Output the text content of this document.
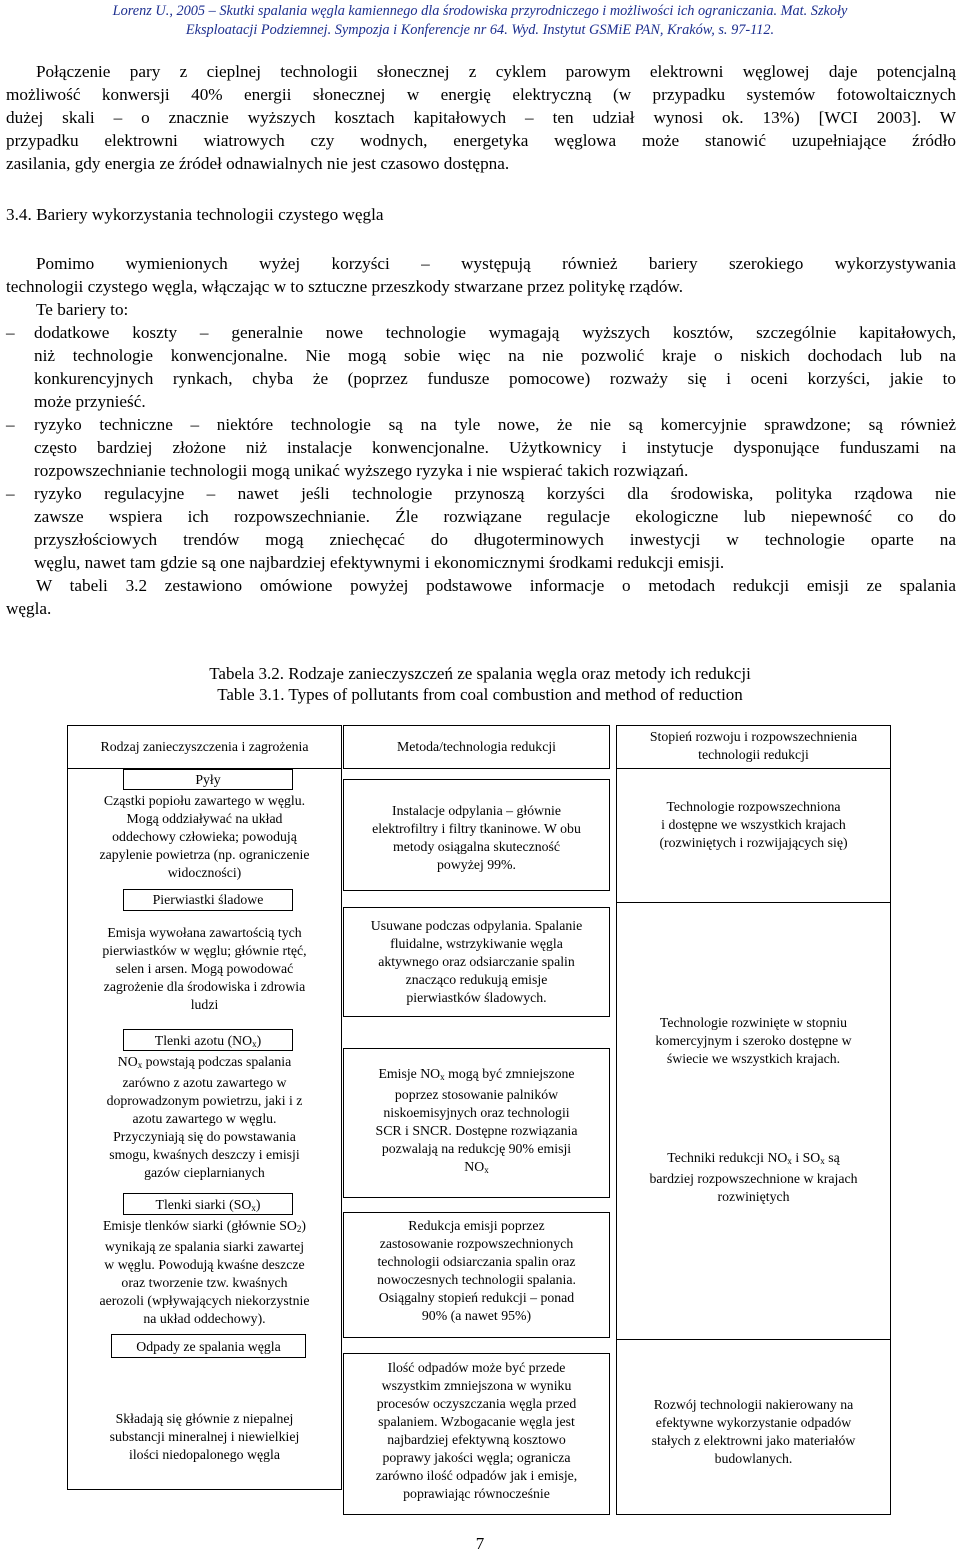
Lorenz U., 2005 – Skutki spalania węgla kamiennego dla środowiska przyrodniczego i możliwości ich ograniczania. Mat. Szkoły
Eksploatacji Podziemnej. Sympozja i Konferencje nr 64. Wyd. Instytut GSMiE PAN, Kraków, s. 97-112.
Połączenie pary z cieplnej technologii słonecznej z cyklem parowym elektrowni węglowej daje potencjalną
możliwość konwersji 40% energii słonecznej w energię elektryczną (w przypadku systemów fotowoltaicznych
dużej skali – o znacznie wyższych kosztach kapitałowych – ten udział wynosi ok. 13%) [WCI 2003]. W
przypadku elektrowni wiatrowych czy wodnych, energetyka węglowa może stanowić uzupełniające źródło
zasilania, gdy energia ze źródeł odnawialnych nie jest czasowo dostępna.
3.4. Bariery wykorzystania technologii czystego węgla
Pomimo wymienionych wyżej korzyści – występują również bariery szerokiego wykorzystywania
technologii czystego węgla, włączając w to sztuczne przeszkody stwarzane przez politykę rządów.
Te bariery to:
– dodatkowe koszty – generalnie nowe technologie wymagają wyższych kosztów, szczególnie kapitałowych,
niż technologie konwencjonalne. Nie mogą sobie więc na nie pozwolić kraje o niskich dochodach lub na
konkurencyjnych rynkach, chyba że (poprzez fundusze pomocowe) rozważy się i oceni korzyści, jakie to
może przynieść.
– ryzyko techniczne – niektóre technologie są na tyle nowe, że nie są komercyjnie sprawdzone; są również
często bardziej złożone niż instalacje konwencjonalne. Użytkownicy i instytucje dysponujące funduszami na
rozpowszechnianie technologii mogą unikać wyższego ryzyka i nie wspierać takich rozwiązań.
– ryzyko regulacyjne – nawet jeśli technologie przynoszą korzyści dla środowiska, polityka rządowa nie
zawsze wspiera ich rozpowszechnianie. Źle rozwiązane regulacje ekologiczne lub niepewność co do
przyszłościowych trendów mogą zniechęcać do długoterminowych inwestycji w technologie oparte na
węglu, nawet tam gdzie są one najbardziej efektywnymi i ekonomicznymi środkami redukcji emisji.
W tabeli 3.2 zestawiono omówione powyżej podstawowe informacje o metodach redukcji emisji ze spalania
węgla.
Tabela 3.2. Rodzaje zanieczyszczeń ze spalania węgla oraz metody ich redukcji
Table 3.1. Types of pollutants from coal combustion and method of reduction
Rodzaj zanieczyszczenia i zagrożenia
Pyły
Cząstki popiołu zawartego w węglu.
Mogą oddziaływać na układ
oddechowy człowieka; powodują
zapylenie powietrza (np. ograniczenie
widoczności)
Pierwiastki śladowe
Emisja wywołana zawartością tych
pierwiastków w węglu; głównie rtęć,
selen i arsen. Mogą powodować
zagrożenie dla środowiska i zdrowia
ludzi
Tlenki azotu $(NO_x)$
$NO_x$ powstają podczas spalania
zarówno z azotu zawartego w
doprowadzonym powietrzu, jaki i z
azotu zawartego w węglu.
Przyczyniają się do powstawania
smogu, kwaśnych deszczy i emisji
gazów cieplarnianych
Tlenki siarki $(SO_x)$
Emisje tlenków siarki (głównie $SO_2$)
wynikają ze spalania siarki zawartej
w węglu. Powodują kwaśne deszcze
oraz tworzenie tzw. kwaśnych
aerozoli (wpływających niekorzystnie
na układ oddechowy).
Odpady ze spalania węgla
Składają się głównie z niepalnej
substancji mineralnej i niewielkiej
ilości niedopalonego węgla
Metoda/technologia redukcji
Instalacje odpylania – głównie
elektrofiltry i filtry tkaninowe. W obu
metody osiągalna skuteczność
powyżej 99%.
Usuwane podczas odpylania. Spalanie
fluidalne, wstrzykiwanie węgla
aktywnego oraz odsiarczanie spalin
znacząco redukują emisje
pierwiastków śladowych.
Emisje $NO_x$ mogą być zmniejszone
poprzez stosowanie palników
niskoemisyjnych oraz technologii
SCR i SNCR. Dostępne rozwiązania
pozwalają na redukcję 90% emisji
$NO_x$
Redukcja emisji poprzez
zastosowanie rozpowszechnionych
technologii odsiarczania spalin oraz
nowoczesnych technologii spalania.
Osiągalny stopień redukcji – ponad
90% (a nawet 95%)
Ilość odpadów może być przede
wszystkim zmniejszona w wyniku
procesów oczyszczania węgla przed
spalaniem. Wzbogacanie węgla jest
najbardziej efektywną kosztowo
poprawy jakości węgla; ogranicza
zarówno ilość odpadów jak i emisje,
poprawiając równocześnie
Stopień rozwoju i rozpowszechnienia
technologii redukcji
Technologie rozpowszechniona
i dostępne we wszystkich krajach
(rozwiniętych i rozwijających się)
Technologie rozwinięte w stopniu
komercyjnym i szeroko dostępne w
świecie we wszystkich krajach.
Techniki redukcji $NO_x$ i $SO_x$ są
bardziej rozpowszechnione w krajach
rozwiniętych
Rozwój technologii nakierowany na
efektywne wykorzystanie odpadów
stałych z elektrowni jako materiałów
budowlanych.
7
